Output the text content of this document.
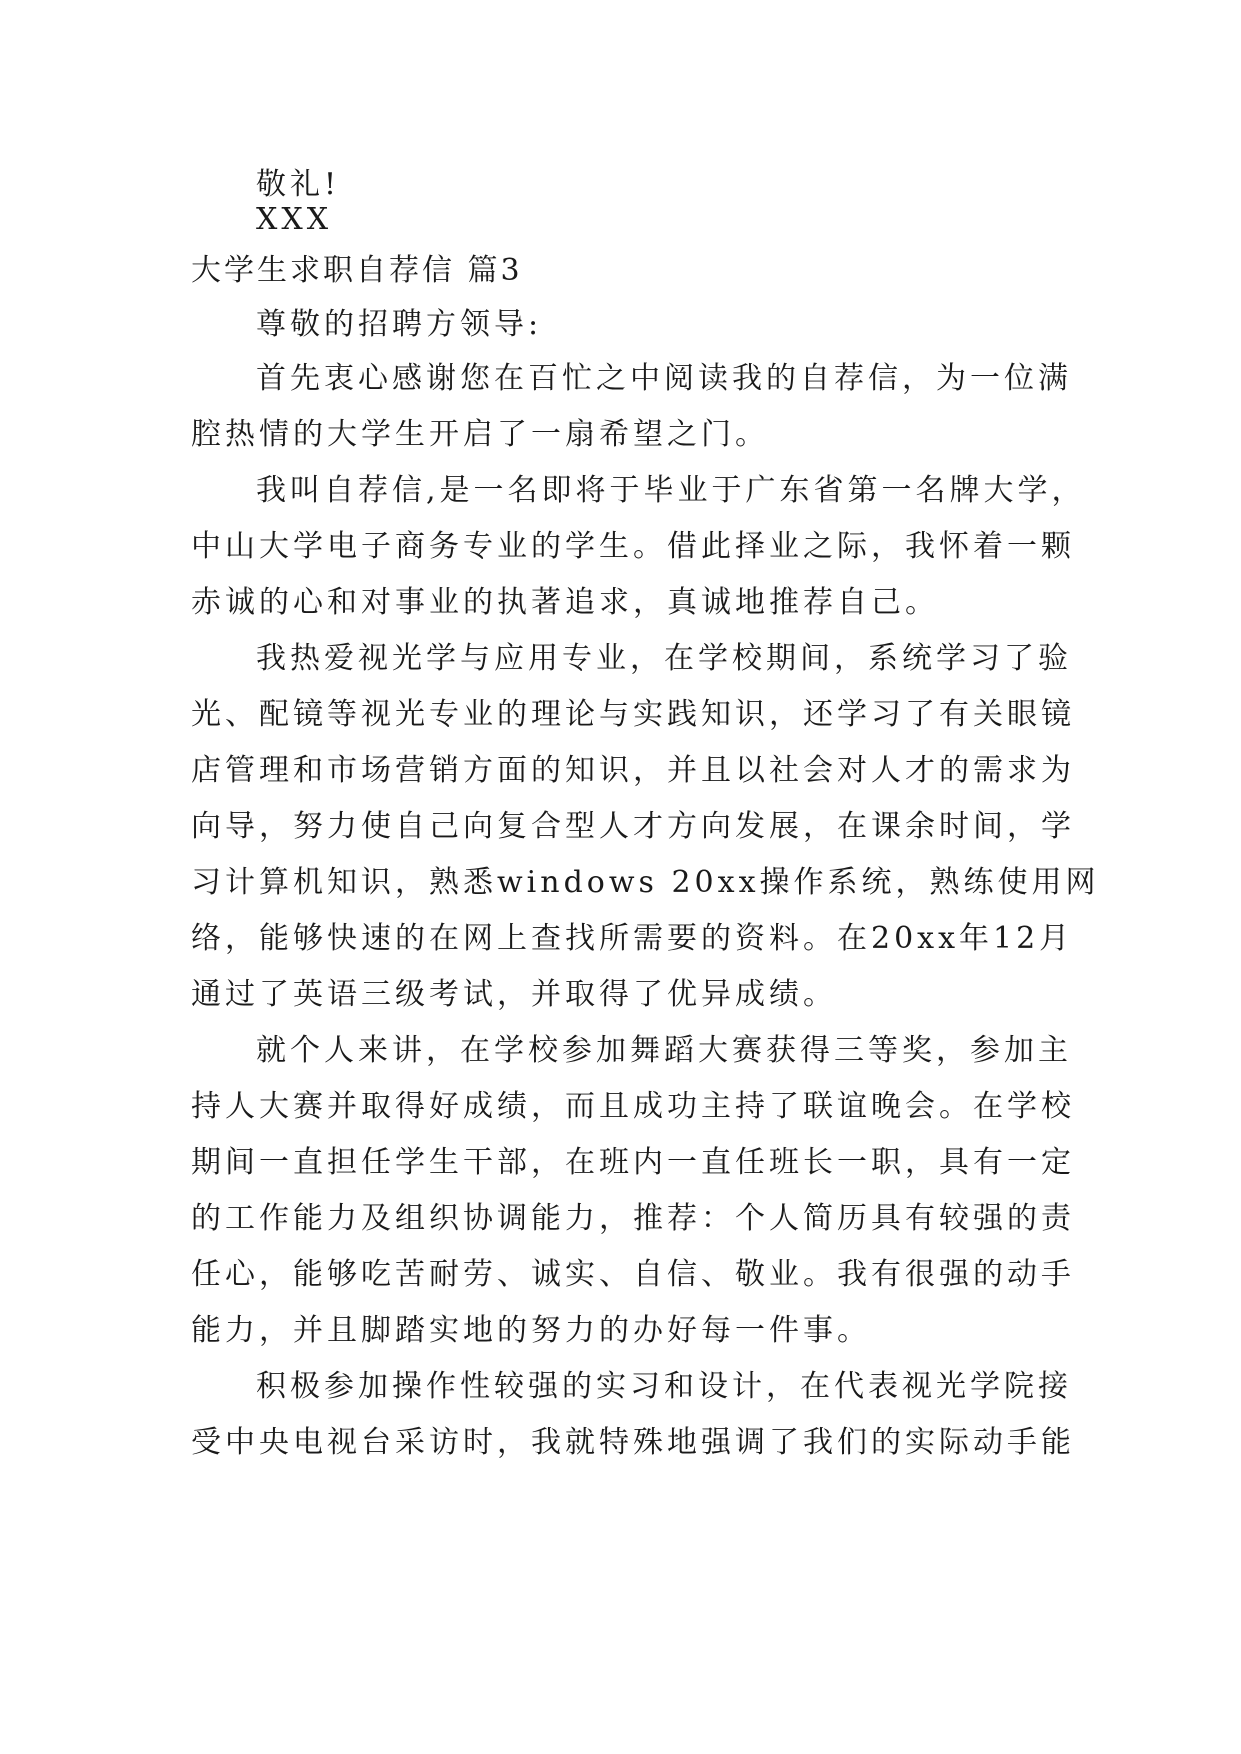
敬礼!
XXX
大学生求职自荐信 篇3
尊敬的招聘方领导:
首先衷心感谢您在百忙之中阅读我的自荐信，为一位满
腔热情的大学生开启了一扇希望之门。
我叫自荐信,是一名即将于毕业于广东省第一名牌大学，
中山大学电子商务专业的学生。借此择业之际，我怀着一颗
赤诚的心和对事业的执著追求，真诚地推荐自己。
我热爱视光学与应用专业，在学校期间，系统学习了验
光、配镜等视光专业的理论与实践知识，还学习了有关眼镜
店管理和市场营销方面的知识，并且以社会对人才的需求为
向导，努力使自己向复合型人才方向发展，在课余时间，学
习计算机知识，熟悉windows 20xx操作系统，熟练使用网
络，能够快速的在网上查找所需要的资料。在20xx年12月
通过了英语三级考试，并取得了优异成绩。
就个人来讲，在学校参加舞蹈大赛获得三等奖，参加主
持人大赛并取得好成绩，而且成功主持了联谊晚会。在学校
期间一直担任学生干部，在班内一直任班长一职，具有一定
的工作能力及组织协调能力，推荐：个人简历具有较强的责
任心，能够吃苦耐劳、诚实、自信、敬业。我有很强的动手
能力，并且脚踏实地的努力的办好每一件事。
积极参加操作性较强的实习和设计，在代表视光学院接
受中央电视台采访时，我就特殊地强调了我们的实际动手能
